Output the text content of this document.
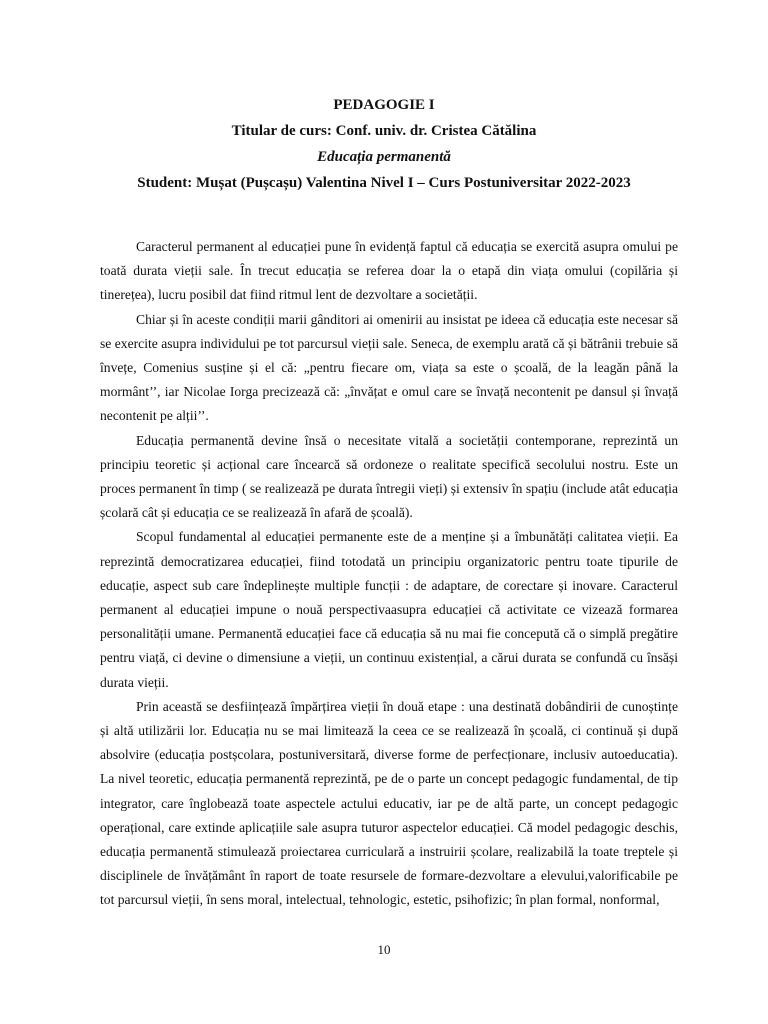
PEDAGOGIE I

Titular de curs: Conf. univ. dr. Cristea Cătălina

Educația permanentă

Student: Mușat (Pușcașu) Valentina Nivel I – Curs Postuniversitar 2022-2023

Caracterul permanent al educației pune în evidență faptul că educația se exercită asupra omului pe toată durata vieții sale. În trecut educația se referea doar la o etapă din viața omului (copilăria și tinerețea), lucru posibil dat fiind ritmul lent de dezvoltare a societății.

Chiar și în aceste condiții marii gânditori ai omenirii au insistat pe ideea că educația este necesar să se exercite asupra individului pe tot parcursul vieții sale. Seneca, de exemplu arată că și bătrânii trebuie să învețe, Comenius susține și el că: „pentru fiecare om, viața sa este o școală, de la leagăn până la mormânt’’, iar Nicolae Iorga precizează că: „învățat e omul care se învață necontenit pe dansul și învață necontenit pe alții’’.

Educația permanentă devine însă o necesitate vitală a societății contemporane, reprezintă un principiu teoretic și acțional care încearcă să ordoneze o realitate specifică secolului nostru. Este un proces permanent în timp ( se realizează pe durata întregii vieți) și extensiv în spațiu (include atât educația școlară cât și educația ce se realizează în afară de școală).

Scopul fundamental al educației permanente este de a menține și a îmbunătăți calitatea vieții. Ea reprezintă democratizarea educației, fiind totodată un principiu organizatoric pentru toate tipurile de educație, aspect sub care îndeplinește multiple funcții : de adaptare, de corectare și inovare. Caracterul permanent al educației impune o nouă perspectivaasupra educației că activitate ce vizează formarea personalității umane. Permanentă educației face că educația să nu mai fie concepută că o simplă pregătire pentru viață, ci devine o dimensiune a vieții, un continuu existențial, a cărui durata se confundă cu însăși durata vieții.

Prin această se desființează împărțirea vieții în două etape : una destinată dobândirii de cunoștințe și altă utilizării lor. Educația nu se mai limitează la ceea ce se realizează în școală, ci continuă și după absolvire (educația postșcolara, postuniversitară, diverse forme de perfecționare, inclusiv autoeducatia). La nivel teoretic, educația permanentă reprezintă, pe de o parte un concept pedagogic fundamental, de tip integrator, care înglobează toate aspectele actului educativ, iar pe de altă parte, un concept pedagogic operațional, care extinde aplicațiile sale asupra tuturor aspectelor educației. Că model pedagogic deschis, educația permanentă stimulează proiectarea curriculară a instruirii școlare, realizabilă la toate treptele și disciplinele de învățământ în raport de toate resursele de formare-dezvoltare a elevului,valorificabile pe tot parcursul vieții, în sens moral, intelectual, tehnologic, estetic, psihofizic; în plan formal, nonformal,

10
